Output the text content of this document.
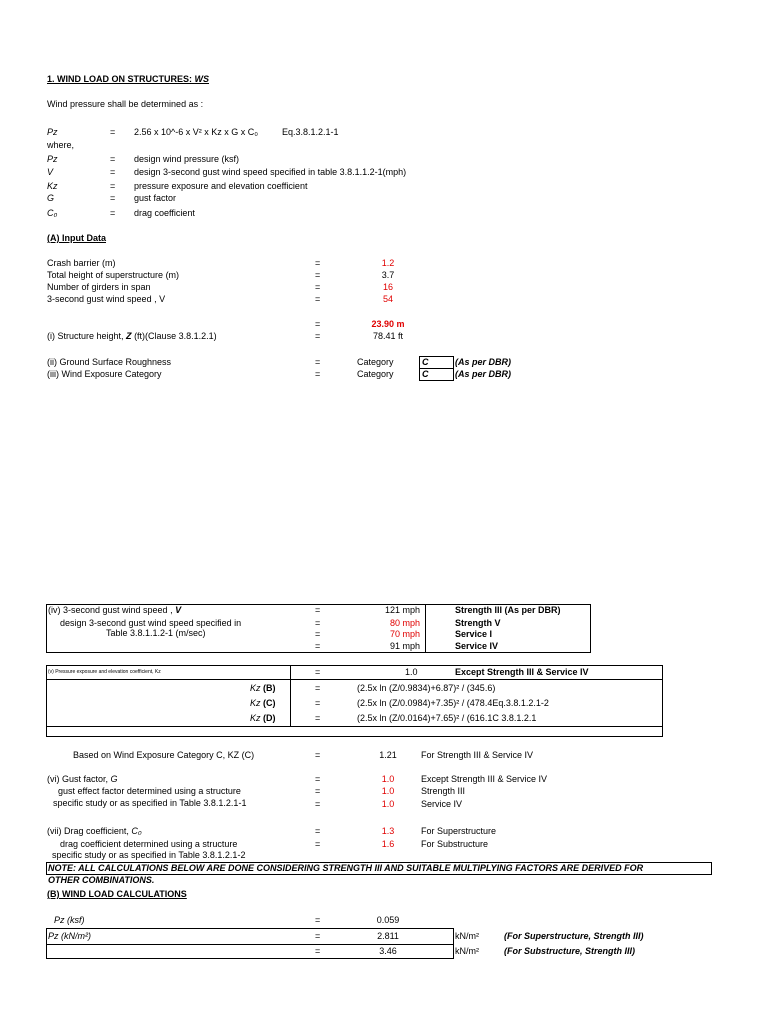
1. WIND LOAD ON STRUCTURES: WS
Wind pressure shall be determined as :
Pz	= 2.56 x 10^-6 x V² x Kz x G x C₀	Eq.3.8.1.2.1-1
where,
Pz	= design wind pressure (ksf)
V	= design 3-second gust wind speed specified in table 3.8.1.1.2-1(mph)
Kz	= pressure exposure and elevation coefficient
G	= gust factor
C₀	= drag coefficient
(A) Input Data
Crash barrier (m)	=	1.2
Total height of superstructure (m)	=	3.7
Number of girders in span	=	16
3-second gust wind speed , V	=	54
=	23.90 m
(i) Structure height, Z (ft)(Clause 3.8.1.2.1)	=	78.41 ft
(ii) Ground Surface Roughness	=	Category	C	(As per DBR)
(iii) Wind Exposure Category	=	Category	C	(As per DBR)
(iv) 3-second gust wind speed , V
design 3-second gust wind speed specified in
Table 3.8.1.1.2-1 (m/sec)
=	121 mph	Strength III (As per DBR)
=	80 mph	Strength V
=	70 mph	Service I
=	91 mph	Service IV
(v) Pressure exposure and elevation coefficient, Kz	=	1.0	Except Strength III & Service IV
Kz (B)	=	(2.5x ln (Z/0.9834)+6.87)² / (345.6)
Kz (C)	=	(2.5x ln (Z/0.0984)+7.35)² / (478.4Eq.3.8.1.2.1-2
Kz (D)	=	(2.5x ln (Z/0.0164)+7.65)² / (616.1C 3.8.1.2.1
Based on Wind Exposure Category C, KZ (C)	=	1.21	For Strength III & Service IV
(vi) Gust factor, G
gust effect factor determined using a structure
specific study or as specified in Table 3.8.1.2.1-1
=	1.0	Except Strength III & Service IV
=	1.0	Strength III
=	1.0	Service IV
(vii) Drag coefficient, C₀
drag coefficient determined using a structure
specific study or as specified in Table 3.8.1.2.1-2
=	1.3	For Superstructure
=	1.6	For Substructure
NOTE: ALL CALCULATIONS BELOW ARE DONE CONSIDERING STRENGTH III AND SUITABLE MULTIPLYING FACTORS ARE DERIVED FOR
OTHER COMBINATIONS.
(B) WIND LOAD CALCULATIONS
Pz (ksf)	=	0.059
Pz (kN/m²)	=	2.811	kN/m²	(For Superstructure, Strength III)
=	3.46	kN/m²	(For Substructure, Strength III)
